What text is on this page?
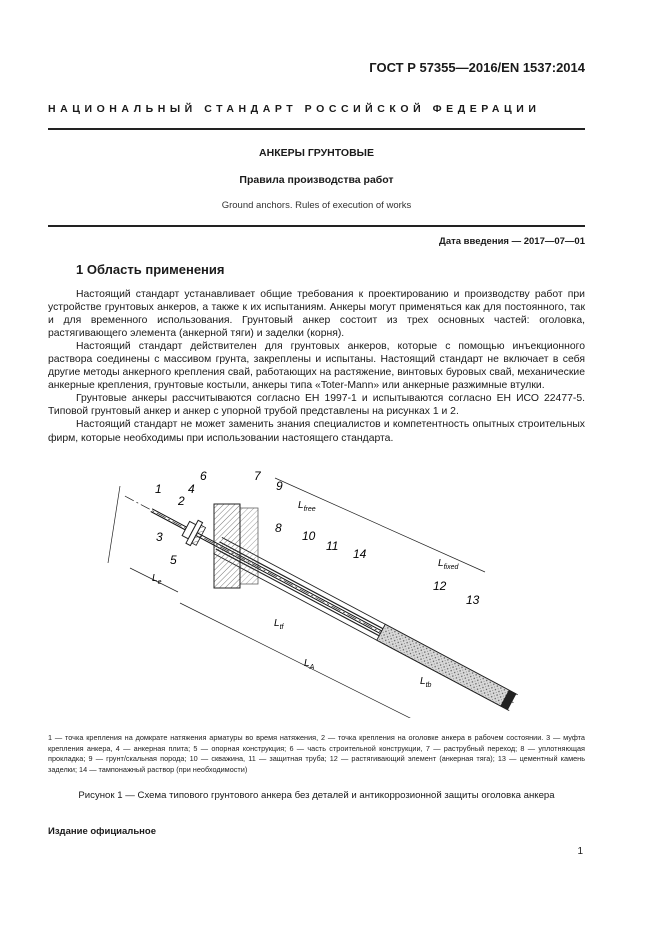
ГОСТ Р 57355—2016/EN 1537:2014
НАЦИОНАЛЬНЫЙ СТАНДАРТ РОССИЙСКОЙ ФЕДЕРАЦИИ
АНКЕРЫ ГРУНТОВЫЕ
Правила производства работ
Ground anchors. Rules of execution of works
Дата введения — 2017—07—01
1 Область применения

Настоящий стандарт устанавливает общие требования к проектированию и производству работ при устройстве грунтовых анкеров, а также к их испытаниям. Анкеры могут применяться как для постоянного, так и для временного использования. Грунтовый анкер состоит из трех основных частей: оголовка, растягивающего элемента (анкерной тяги) и заделки (корня).

Настоящий стандарт действителен для грунтовых анкеров, которые с помощью инъекционного раствора соединены с массивом грунта, закреплены и испытаны. Настоящий стандарт не включает в себя другие методы анкерного крепления свай, работающих на растяжение, винтовых буровых свай, механические анкерные крепления, грунтовые костыли, анкеры типа «Toter-Mann» или анкерные разжимные втулки.

Грунтовые анкеры рассчитываются согласно ЕН 1997-1 и испытываются согласно ЕН ИСО 22477-5. Типовой грунтовый анкер и анкер с упорной трубой представлены на рисунках 1 и 2.

Настоящий стандарт не может заменить знания специалистов и компетентность опытных строительных фирм, которые необходимы при использовании настоящего стандарта.

1
2
3
4
5
6	7
8
9
10
11
12
14
13
$L_e$
$L_{free}$
$L_{fixed}$
$L_{tf}$
$L_A$
$L_{tb}$
1 — точка крепления на домкрате натяжения арматуры во время натяжения, 2 — точка крепления на оголовке анкера в рабочем состоянии. 3 — муфта крепления анкера, 4 — анкерная плита; 5 — опорная конструкция; 6 — часть строительной конструкции, 7 — раструбный переход; 8 — уплотняющая прокладка; 9 — грунт/скальная порода; 10 — скважина, 11 — защитная труба; 12 — растягивающий элемент (анкерная тяга); 13 — цементный камень заделки; 14 — тампонажный раствор (при необходимости)
Рисунок 1 — Схема типового грунтового анкера без деталей и антикоррозионной защиты оголовка анкера
Издание официальное
1
